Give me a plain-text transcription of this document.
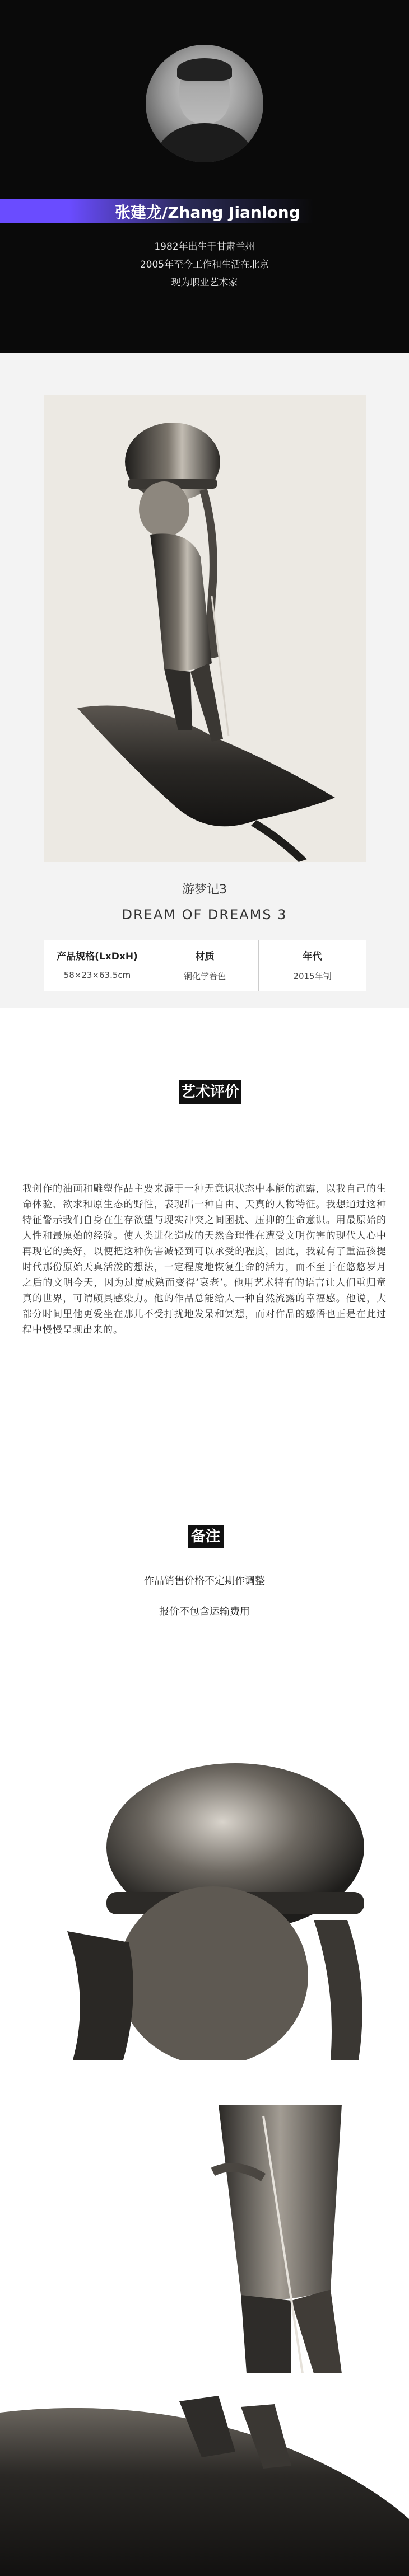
张建龙/Zhang Jianlong
1982年出生于甘肃兰州
2005年至今工作和生活在北京
现为职业艺术家
游梦记3
DREAM OF DREAMS 3
产品规格(LxDxH)
58×23×63.5cm
材质
铜化学着色
年代
2015年制
艺术评价
我创作的油画和雕塑作品主要来源于一种无意识状态中本能的流露，以我自己的生命体验、欲求和原生态的野性，表现出一种自由、天真的人物特征。我想通过这种特征警示我们自身在生存欲望与现实冲突之间困扰、压抑的生命意识。用最原始的人性和最原始的经验。使人类进化造成的天然合理性在遭受文明伤害的现代人心中再现它的美好，以便把这种伤害减轻到可以承受的程度，因此，我就有了重温孩提时代那份原始天真活泼的想法，一定程度地恢复生命的活力，而不至于在悠悠岁月之后的文明今天，因为过度成熟而变得‘衰老’。他用艺术特有的语言让人们重归童真的世界，可谓颇具感染力。他的作品总能给人一种自然流露的幸福感。他说，大部分时间里他更爱坐在那儿不受打扰地发呆和冥想，而对作品的感悟也正是在此过程中慢慢呈现出来的。
备注
作品销售价格不定期作调整
报价不包含运输费用
